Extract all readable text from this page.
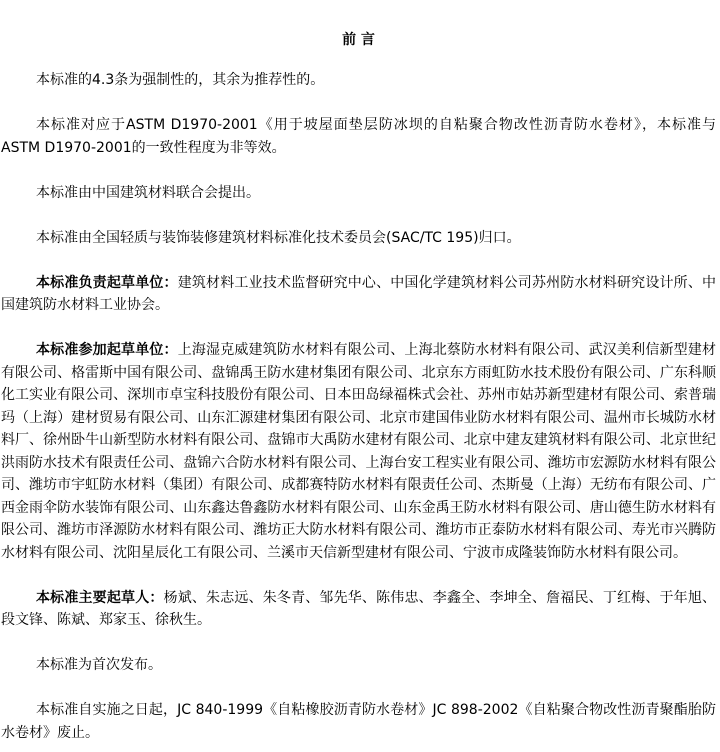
前 言

本标准的4.3条为强制性的，其余为推荐性的。

本标准对应于ASTM D1970-2001《用于坡屋面垫层防冰坝的自粘聚合物改性沥青防水卷材》，本标准与ASTM D1970-2001的一致性程度为非等效。

本标准由中国建筑材料联合会提出。

本标准由全国轻质与装饰装修建筑材料标准化技术委员会(SAC/TC 195)归口。

本标准负责起草单位：建筑材料工业技术监督研究中心、中国化学建筑材料公司苏州防水材料研究设计所、中国建筑防水材料工业协会。

本标准参加起草单位：上海湿克威建筑防水材料有限公司、上海北蔡防水材料有限公司、武汉美利信新型建材有限公司、格雷斯中国有限公司、盘锦禹王防水建材集团有限公司、北京东方雨虹防水技术股份有限公司、广东科顺化工实业有限公司、深圳市卓宝科技股份有限公司、日本田岛绿福株式会社、苏州市姑苏新型建材有限公司、索普瑞玛（上海）建材贸易有限公司、山东汇源建材集团有限公司、北京市建国伟业防水材料有限公司、温州市长城防水材料厂、徐州卧牛山新型防水材料有限公司、盘锦市大禹防水建材有限公司、北京中建友建筑材料有限公司、北京世纪洪雨防水技术有限责任公司、盘锦六合防水材料有限公司、上海台安工程实业有限公司、潍坊市宏源防水材料有限公司、潍坊市宇虹防水材料（集团）有限公司、成都赛特防水材料有限责任公司、杰斯曼（上海）无纺布有限公司、广西金雨伞防水装饰有限公司、山东鑫达鲁鑫防水材料有限公司、山东金禹王防水材料有限公司、唐山德生防水材料有限公司、潍坊市泽源防水材料有限公司、潍坊正大防水材料有限公司、潍坊市正泰防水材料有限公司、寿光市兴腾防水材料有限公司、沈阳星辰化工有限公司、兰溪市天信新型建材有限公司、宁波市成隆装饰防水材料有限公司。

本标准主要起草人：杨斌、朱志远、朱冬青、邹先华、陈伟忠、李鑫全、李坤全、詹福民、丁红梅、于年旭、段文锋、陈斌、郑家玉、徐秋生。

本标准为首次发布。

本标准自实施之日起，JC 840-1999《自粘橡胶沥青防水卷材》JC 898-2002《自粘聚合物改性沥青聚酯胎防水卷材》废止。
